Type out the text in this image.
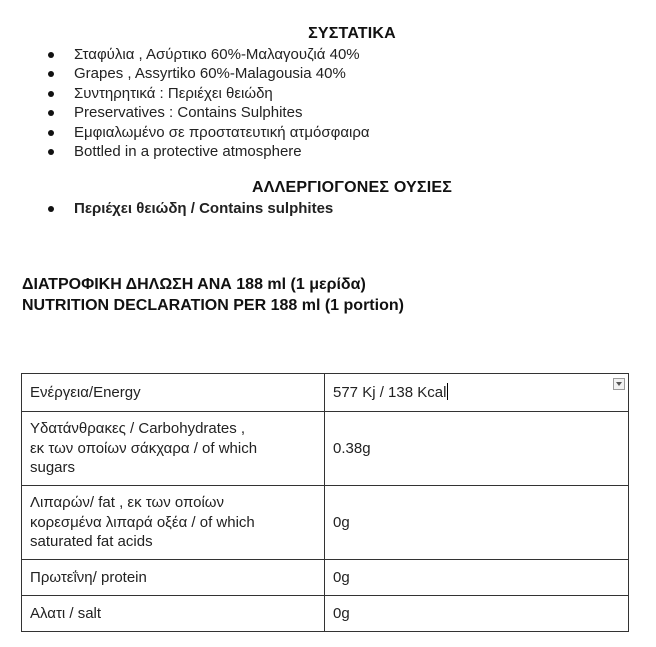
ΣΥΣΤΑΤΙΚΑ
Σταφύλια , Ασύρτικο 60%-Μαλαγουζιά 40%
Grapes , Assyrtiko 60%-Malagousia 40%
Συντηρητικά : Περιέχει θειώδη
Preservatives : Contains Sulphites
Εμφιαλωμένο σε προστατευτική ατμόσφαιρα
Bottled in a protective atmosphere
ΑΛΛΕΡΓΙΟΓΟΝΕΣ ΟΥΣΙΕΣ
Περιέχει θειώδη / Contains sulphites
ΔΙΑΤΡΟΦΙΚΗ ΔΗΛΩΣΗ ΑΝΑ 188 ml (1 μερίδα)
NUTRITION DECLARATION PER 188 ml (1 portion)
Ενέργεια/Energy	577 Kj / 138 Kcal

Υδατάνθρακες / Carbohydrates ,
εκ των οποίων σάκχαρα / of which
sugars	0.38g

Λιπαρών/ fat , εκ των οποίων
κορεσμένα λιπαρά οξέα / of which
saturated fat acids	0g
Πρωτεΐνη/ protein	0g
Αλατι / salt	0g
